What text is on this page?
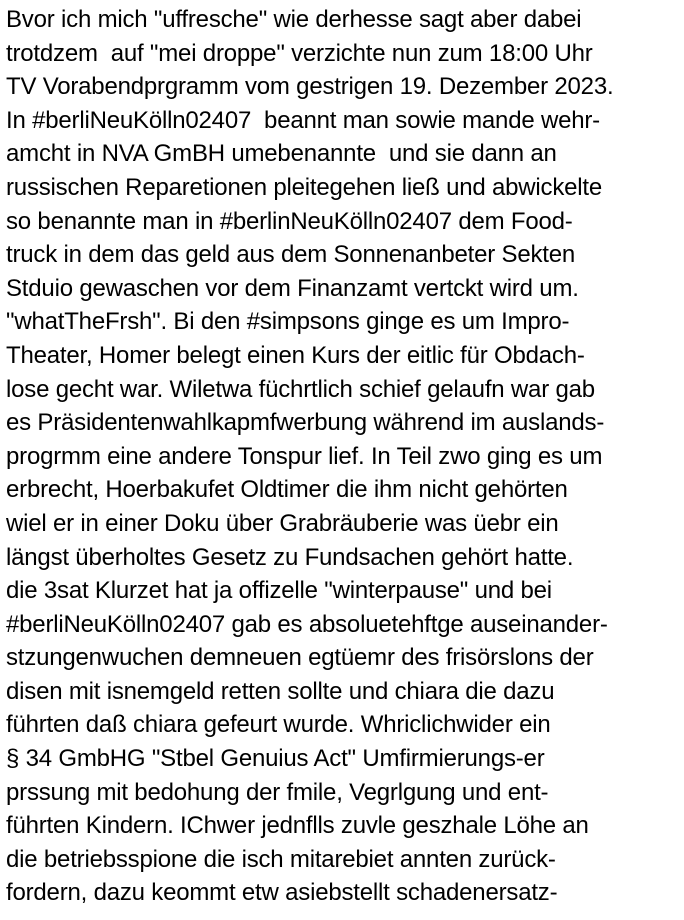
Bvor ich mich "uffresche" wie derhesse sagt aber dabei
trotdzem  auf "mei droppe" verzichte nun zum 18:00 Uhr
TV Vorabendprgramm vom gestrigen 19. Dezember 2023.
In #berliNeuKölln02407  beannt man sowie mande wehr-
amcht in NVA GmBH umebenannte  und sie dann an
russischen Reparetionen pleitegehen ließ und abwickelte
so benannte man in #berlinNeuKölln02407 dem Food-
truck in dem das geld aus dem Sonnenanbeter Sekten
Stduio gewaschen vor dem Finanzamt vertckt wird um.
"whatTheFrsh". Bi den #simpsons ginge es um Impro-
Theater, Homer belegt einen Kurs der eitlic für Obdach-
lose gecht war. Wiletwa füchrtlich schief gelaufn war gab
es Präsidentenwahlkapmfwerbung während im auslands-
progrmm eine andere Tonspur lief. In Teil zwo ging es um
erbrecht, Hoerbakufet Oldtimer die ihm nicht gehörten
wiel er in einer Doku über Grabräuberie was üebr ein
längst überholtes Gesetz zu Fundsachen gehört hatte.
die 3sat Klurzet hat ja offizelle "winterpause" und bei
#berliNeuKölln02407 gab es absoluetehftge auseinander-
stzungenwuchen demneuen egtüemr des frisörslons der
disen mit isnemgeld retten sollte und chiara die dazu
führten daß chiara gefeurt wurde. Whriclichwider ein
§ 34 GmbHG "Stbel Genuius Act" Umfirmierungs-er
prssung mit bedohung der fmile, Vegrlgung und ent-
führten Kindern. IChwer jednflls zuvle geszhale Löhe an
die betriebsspione die isch mitarebiet annten zurück-
fordern, dazu keommt etw asiebstellt schadenersatz-
